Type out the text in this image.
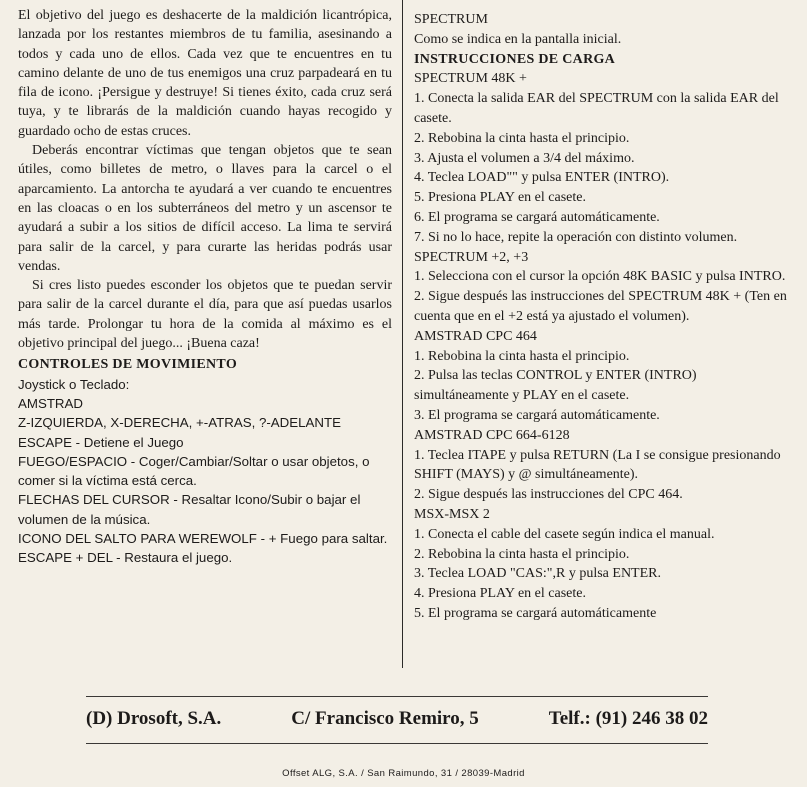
El objetivo del juego es deshacerte de la maldición licantrópica, lanzada por los restantes miembros de tu familia, asesinando a todos y cada uno de ellos. Cada vez que te encuentres en tu camino delante de uno de tus enemigos una cruz parpadeará en tu fila de icono. ¡Persigue y destruye! Si tienes éxito, cada cruz será tuya, y te librarás de la maldición cuando hayas recogido y guardado ocho de estas cruces.

Deberás encontrar víctimas que tengan objetos que te sean útiles, como billetes de metro, o llaves para la carcel o el aparcamiento. La antorcha te ayudará a ver cuando te encuentres en las cloacas o en los subterráneos del metro y un ascensor te ayudará a subir a los sitios de difícil acceso. La lima te servirá para salir de la carcel, y para curarte las heridas podrás usar vendas.

Si cres listo puedes esconder los objetos que te puedan servir para salir de la carcel durante el día, para que así puedas usarlos más tarde. Prolongar tu hora de la comida al máximo es el objetivo principal del juego... ¡Buena caza!

CONTROLES DE MOVIMIENTO

Joystick o Teclado:

AMSTRAD

Z-IZQUIERDA, X-DERECHA, +-ATRAS, ?-ADELANTE

ESCAPE - Detiene el Juego

FUEGO/ESPACIO - Coger/Cambiar/Soltar o usar objetos, o comer si la víctima está cerca.

FLECHAS DEL CURSOR - Resaltar Icono/Subir o bajar el volumen de la música.

ICONO DEL SALTO PARA WEREWOLF - + Fuego para saltar.

ESCAPE + DEL - Restaura el juego.

SPECTRUM

Como se indica en la pantalla inicial.

INSTRUCCIONES DE CARGA

SPECTRUM 48K +

1. Conecta la salida EAR del SPECTRUM con la salida EAR del casete.

2. Rebobina la cinta hasta el principio.

3. Ajusta el volumen a 3/4 del máximo.

4. Teclea LOAD"" y pulsa ENTER (INTRO).

5. Presiona PLAY en el casete.

6. El programa se cargará automáticamente.

7. Si no lo hace, repite la operación con distinto volumen.

SPECTRUM +2, +3

1. Selecciona con el cursor la opción 48K BASIC y pulsa INTRO.

2. Sigue después las instrucciones del SPECTRUM 48K + (Ten en cuenta que en el +2 está ya ajustado el volumen).

AMSTRAD CPC 464

1. Rebobina la cinta hasta el principio.

2. Pulsa las teclas CONTROL y ENTER (INTRO) simultáneamente y PLAY en el casete.

3. El programa se cargará automáticamente.

AMSTRAD CPC 664-6128

1. Teclea ITAPE y pulsa RETURN (La I se consigue presionando SHIFT (MAYS) y @ simultáneamente).

2. Sigue después las instrucciones del CPC 464.

MSX-MSX 2

1. Conecta el cable del casete según indica el manual.

2. Rebobina la cinta hasta el principio.

3. Teclea LOAD "CAS:",R y pulsa ENTER.

4. Presiona PLAY en el casete.

5. El programa se cargará automáticamente

(D) Drosoft, S.A.	C/ Francisco Remiro, 5	Telf.: (91) 246 38 02
Offset ALG, S.A. / San Raimundo, 31 / 28039-Madrid
